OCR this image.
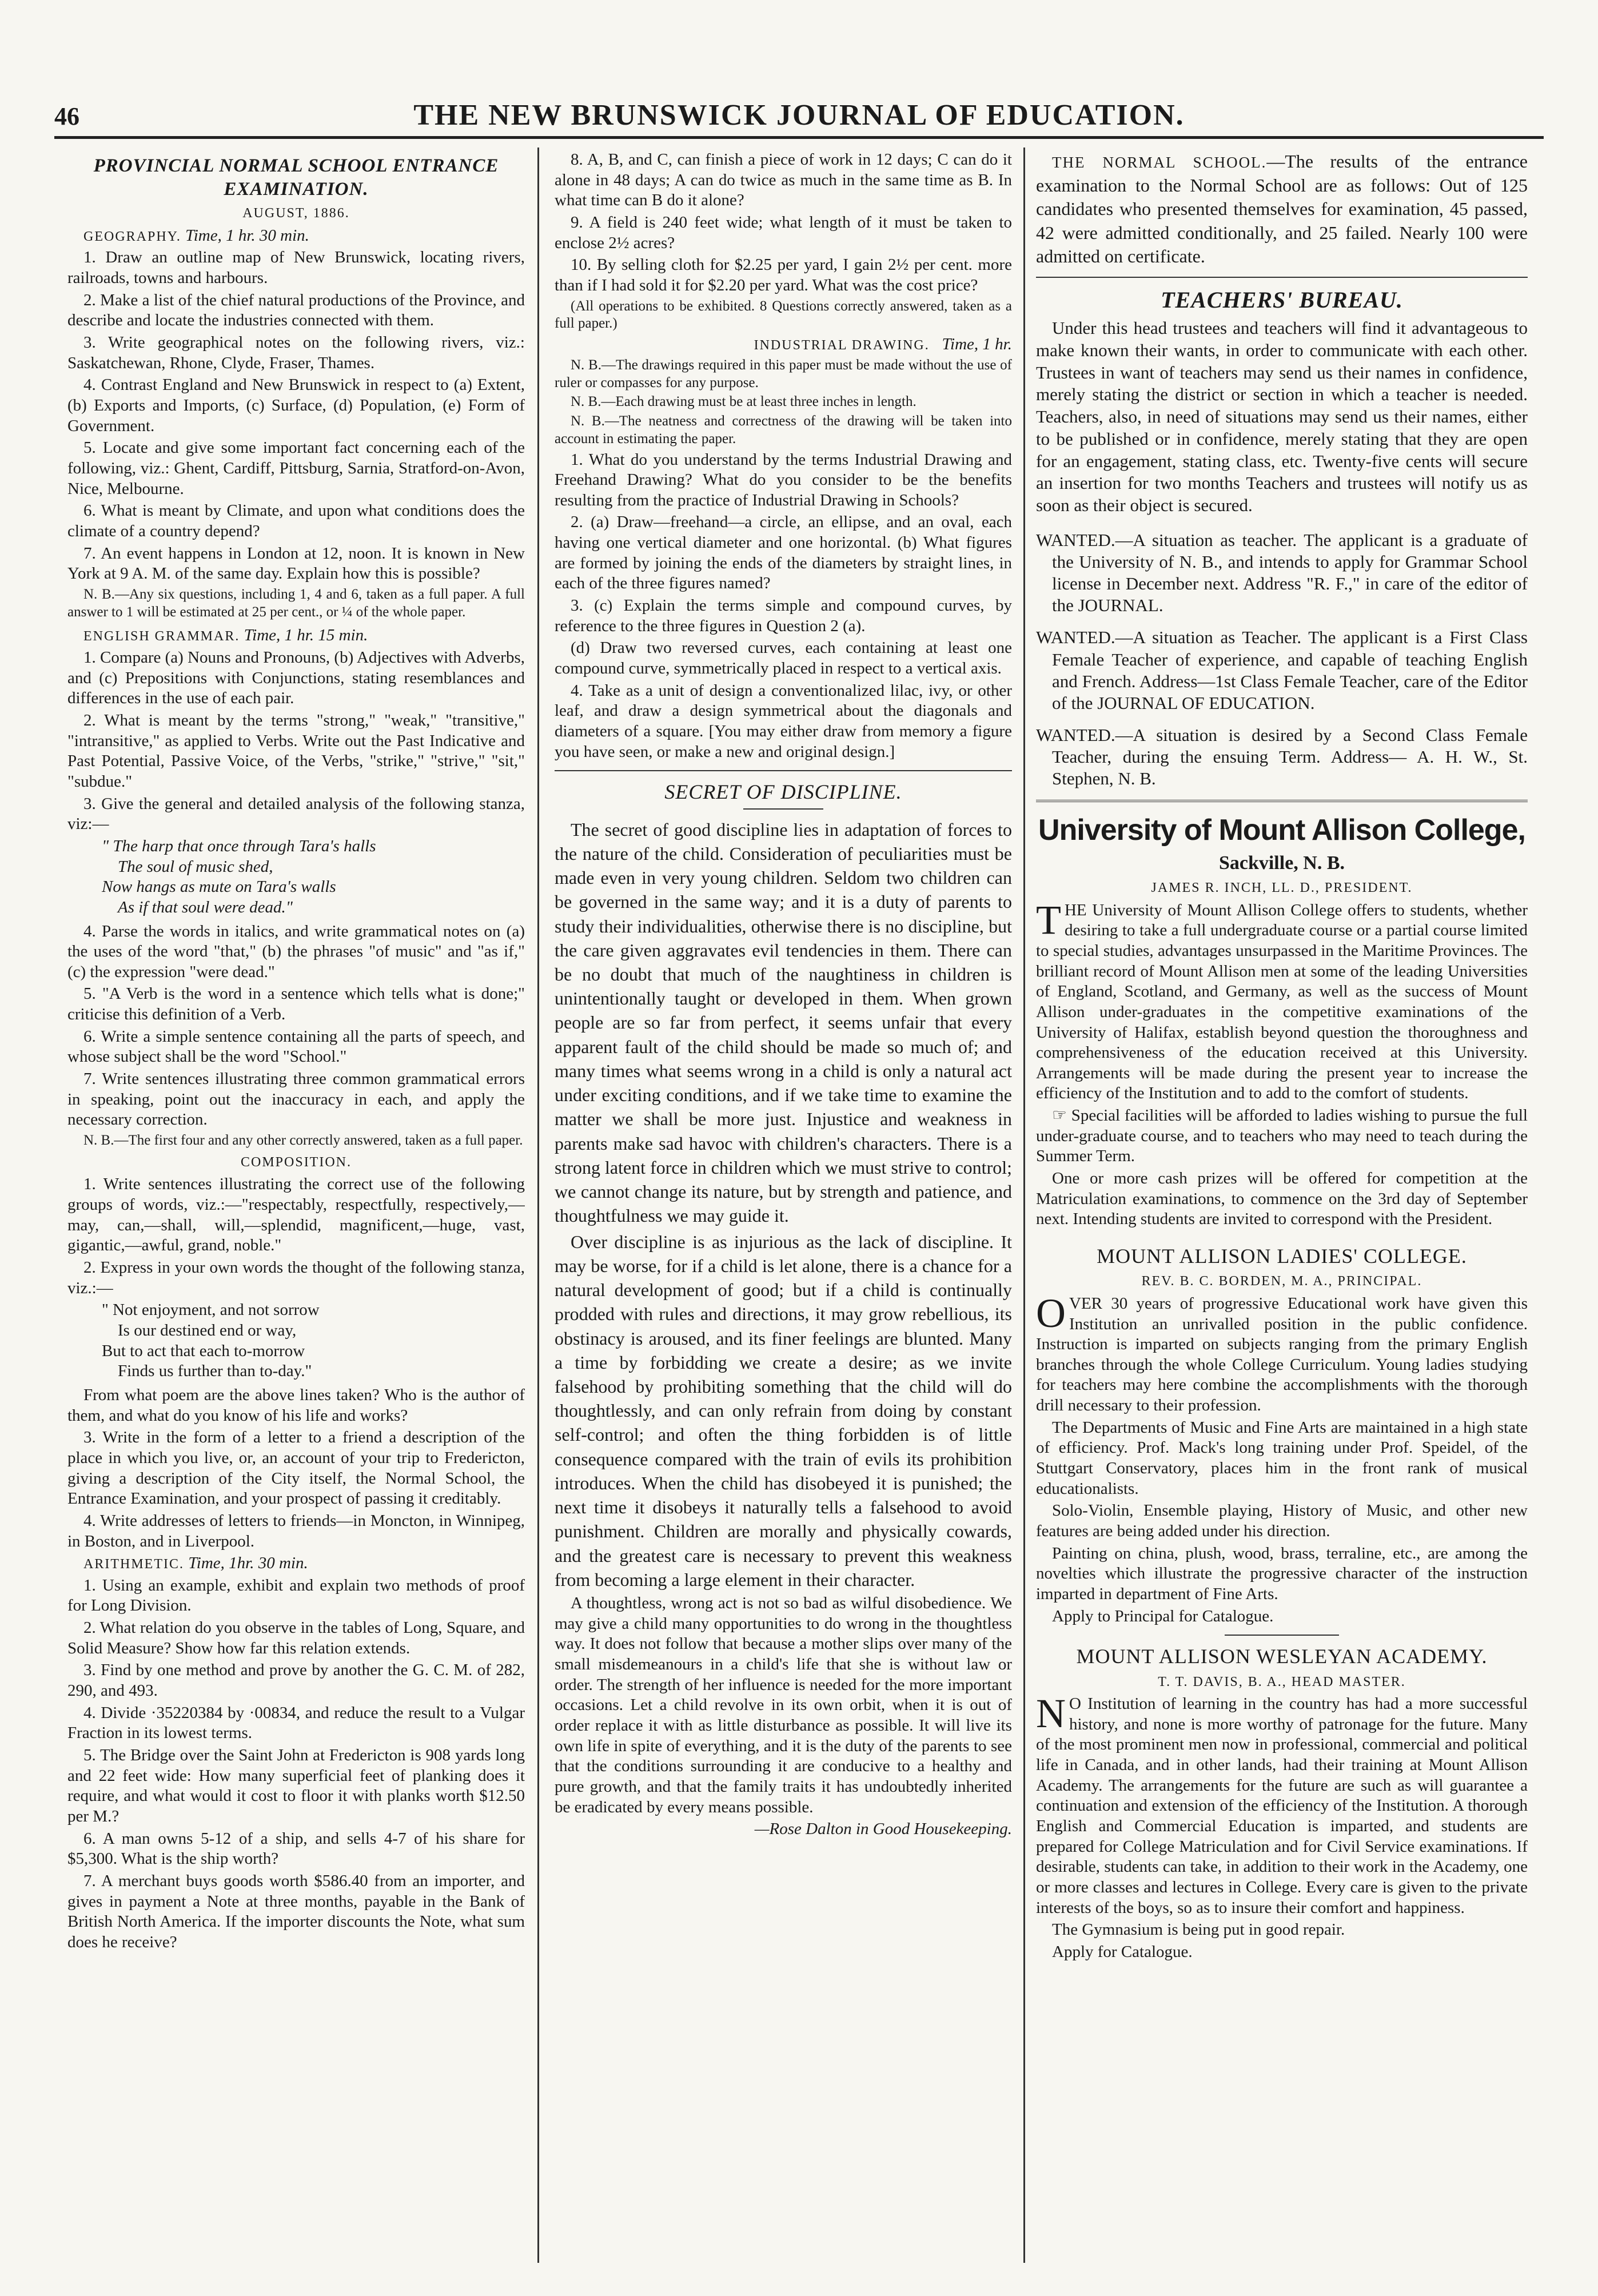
46	THE NEW BRUNSWICK JOURNAL OF EDUCATION.
PROVINCIAL NORMAL SCHOOL ENTRANCE EXAMINATION.
AUGUST, 1886.

GEOGRAPHY. Time, 1 hr. 30 min.

1. Draw an outline map of New Brunswick, locating rivers, railroads, towns and harbours.

2. Make a list of the chief natural productions of the Province, and describe and locate the industries connected with them.

3. Write geographical notes on the following rivers, viz.: Saskatchewan, Rhone, Clyde, Fraser, Thames.

4. Contrast England and New Brunswick in respect to (a) Extent, (b) Exports and Imports, (c) Surface, (d) Population, (e) Form of Government.

5. Locate and give some important fact concerning each of the following, viz.: Ghent, Cardiff, Pittsburg, Sarnia, Stratford-on-Avon, Nice, Melbourne.

6. What is meant by Climate, and upon what conditions does the climate of a country depend?

7. An event happens in London at 12, noon. It is known in New York at 9 A. M. of the same day. Explain how this is possible?

N. B.—Any six questions, including 1, 4 and 6, taken as a full paper. A full answer to 1 will be estimated at 25 per cent., or ¼ of the whole paper.

ENGLISH GRAMMAR. Time, 1 hr. 15 min.

1. Compare (a) Nouns and Pronouns, (b) Adjectives with Adverbs, and (c) Prepositions with Conjunctions, stating resemblances and differences in the use of each pair.

2. What is meant by the terms "strong," "weak," "transitive," "intransitive," as applied to Verbs. Write out the Past Indicative and Past Potential, Passive Voice, of the Verbs, "strike," "strive," "sit," "subdue."

3. Give the general and detailed analysis of the following stanza, viz:—

" The harp that once through Tara's halls
The soul of music shed,
Now hangs as mute on Tara's walls
As if that soul were dead."

4. Parse the words in italics, and write grammatical notes on (a) the uses of the word "that," (b) the phrases "of music" and "as if," (c) the expression "were dead."

5. "A Verb is the word in a sentence which tells what is done;" criticise this definition of a Verb.

6. Write a simple sentence containing all the parts of speech, and whose subject shall be the word "School."

7. Write sentences illustrating three common grammatical errors in speaking, point out the inaccuracy in each, and apply the necessary correction.

N. B.—The first four and any other correctly answered, taken as a full paper.

COMPOSITION.

1. Write sentences illustrating the correct use of the following groups of words, viz.:—"respectably, respectfully, respectively,—may, can,—shall, will,—splendid, magnificent,—huge, vast, gigantic,—awful, grand, noble."

2. Express in your own words the thought of the following stanza, viz.:—

" Not enjoyment, and not sorrow
Is our destined end or way,
But to act that each to-morrow
Finds us further than to-day."

From what poem are the above lines taken? Who is the author of them, and what do you know of his life and works?

3. Write in the form of a letter to a friend a description of the place in which you live, or, an account of your trip to Fredericton, giving a description of the City itself, the Normal School, the Entrance Examination, and your prospect of passing it creditably.

4. Write addresses of letters to friends—in Moncton, in Winnipeg, in Boston, and in Liverpool.

ARITHMETIC. Time, 1hr. 30 min.

1. Using an example, exhibit and explain two methods of proof for Long Division.

2. What relation do you observe in the tables of Long, Square, and Solid Measure? Show how far this relation extends.

3. Find by one method and prove by another the G. C. M. of 282, 290, and 493.

4. Divide ·35220384 by ·00834, and reduce the result to a Vulgar Fraction in its lowest terms.

5. The Bridge over the Saint John at Fredericton is 908 yards long and 22 feet wide: How many superficial feet of planking does it require, and what would it cost to floor it with planks worth $12.50 per M.?

6. A man owns 5-12 of a ship, and sells 4-7 of his share for $5,300. What is the ship worth?

7. A merchant buys goods worth $586.40 from an importer, and gives in payment a Note at three months, payable in the Bank of British North America. If the importer discounts the Note, what sum does he receive?

8. A, B, and C, can finish a piece of work in 12 days; C can do it alone in 48 days; A can do twice as much in the same time as B. In what time can B do it alone?

9. A field is 240 feet wide; what length of it must be taken to enclose 2½ acres?

10. By selling cloth for $2.25 per yard, I gain 2½ per cent. more than if I had sold it for $2.20 per yard. What was the cost price?

(All operations to be exhibited. 8 Questions correctly answered, taken as a full paper.)

INDUSTRIAL DRAWING. Time, 1 hr.

N. B.—The drawings required in this paper must be made without the use of ruler or compasses for any purpose.

N. B.—Each drawing must be at least three inches in length.

N. B.—The neatness and correctness of the drawing will be taken into account in estimating the paper.

1. What do you understand by the terms Industrial Drawing and Freehand Drawing? What do you consider to be the benefits resulting from the practice of Industrial Drawing in Schools?

2. (a) Draw—freehand—a circle, an ellipse, and an oval, each having one vertical diameter and one horizontal. (b) What figures are formed by joining the ends of the diameters by straight lines, in each of the three figures named?

3. (c) Explain the terms simple and compound curves, by reference to the three figures in Question 2 (a).

(d) Draw two reversed curves, each containing at least one compound curve, symmetrically placed in respect to a vertical axis.

4. Take as a unit of design a conventionalized lilac, ivy, or other leaf, and draw a design symmetrical about the diagonals and diameters of a square. [You may either draw from memory a figure you have seen, or make a new and original design.]

SECRET OF DISCIPLINE.

The secret of good discipline lies in adaptation of forces to the nature of the child. Consideration of peculiarities must be made even in very young children. Seldom two children can be governed in the same way; and it is a duty of parents to study their individualities, otherwise there is no discipline, but the care given aggravates evil tendencies in them. There can be no doubt that much of the naughtiness in children is unintentionally taught or developed in them. When grown people are so far from perfect, it seems unfair that every apparent fault of the child should be made so much of; and many times what seems wrong in a child is only a natural act under exciting conditions, and if we take time to examine the matter we shall be more just. Injustice and weakness in parents make sad havoc with children's characters. There is a strong latent force in children which we must strive to control; we cannot change its nature, but by strength and patience, and thoughtfulness we may guide it.

Over discipline is as injurious as the lack of discipline. It may be worse, for if a child is let alone, there is a chance for a natural development of good; but if a child is continually prodded with rules and directions, it may grow rebellious, its obstinacy is aroused, and its finer feelings are blunted. Many a time by forbidding we create a desire; as we invite falsehood by prohibiting something that the child will do thoughtlessly, and can only refrain from doing by constant self-control; and often the thing forbidden is of little consequence compared with the train of evils its prohibition introduces. When the child has disobeyed it is punished; the next time it disobeys it naturally tells a falsehood to avoid punishment. Children are morally and physically cowards, and the greatest care is necessary to prevent this weakness from becoming a large element in their character.

A thoughtless, wrong act is not so bad as wilful disobedience. We may give a child many opportunities to do wrong in the thoughtless way. It does not follow that because a mother slips over many of the small misdemeanours in a child's life that she is without law or order. The strength of her influence is needed for the more important occasions. Let a child revolve in its own orbit, when it is out of order replace it with as little disturbance as possible. It will live its own life in spite of everything, and it is the duty of the parents to see that the conditions surrounding it are conducive to a healthy and pure growth, and that the family traits it has undoubtedly inherited be eradicated by every means possible.

—Rose Dalton in Good Housekeeping.

THE NORMAL SCHOOL.—The results of the entrance examination to the Normal School are as follows: Out of 125 candidates who presented themselves for examination, 45 passed, 42 were admitted conditionally, and 25 failed. Nearly 100 were admitted on certificate.

TEACHERS' BUREAU.

Under this head trustees and teachers will find it advantageous to make known their wants, in order to communicate with each other. Trustees in want of teachers may send us their names in confidence, merely stating the district or section in which a teacher is needed. Teachers, also, in need of situations may send us their names, either to be published or in confidence, merely stating that they are open for an engagement, stating class, etc. Twenty-five cents will secure an insertion for two months Teachers and trustees will notify us as soon as their object is secured.

WANTED.—A situation as teacher. The applicant is a graduate of the University of N. B., and intends to apply for Grammar School license in December next. Address "R. F.," in care of the editor of the JOURNAL.

WANTED.—A situation as Teacher. The applicant is a First Class Female Teacher of experience, and capable of teaching English and French. Address—1st Class Female Teacher, care of the Editor of the JOURNAL OF EDUCATION.

WANTED.—A situation is desired by a Second Class Female Teacher, during the ensuing Term. Address— A. H. W., St. Stephen, N. B.

University of Mount Allison College,
Sackville, N. B.
JAMES R. INCH, LL. D., PRESIDENT.

THE University of Mount Allison College offers to students, whether desiring to take a full undergraduate course or a partial course limited to special studies, advantages unsurpassed in the Maritime Provinces. The brilliant record of Mount Allison men at some of the leading Universities of England, Scotland, and Germany, as well as the success of Mount Allison under-graduates in the competitive examinations of the University of Halifax, establish beyond question the thoroughness and comprehensiveness of the education received at this University. Arrangements will be made during the present year to increase the efficiency of the Institution and to add to the comfort of students.

☞ Special facilities will be afforded to ladies wishing to pursue the full under-graduate course, and to teachers who may need to teach during the Summer Term.

One or more cash prizes will be offered for competition at the Matriculation examinations, to commence on the 3rd day of September next. Intending students are invited to correspond with the President.

MOUNT ALLISON LADIES' COLLEGE.
REV. B. C. BORDEN, M. A., PRINCIPAL.

OVER 30 years of progressive Educational work have given this Institution an unrivalled position in the public confidence. Instruction is imparted on subjects ranging from the primary English branches through the whole College Curriculum. Young ladies studying for teachers may here combine the accomplishments with the thorough drill necessary to their profession.

The Departments of Music and Fine Arts are maintained in a high state of efficiency. Prof. Mack's long training under Prof. Speidel, of the Stuttgart Conservatory, places him in the front rank of musical educationalists.

Solo-Violin, Ensemble playing, History of Music, and other new features are being added under his direction.

Painting on china, plush, wood, brass, terraline, etc., are among the novelties which illustrate the progressive character of the instruction imparted in department of Fine Arts.

Apply to Principal for Catalogue.

MOUNT ALLISON WESLEYAN ACADEMY.
T. T. DAVIS, B. A., HEAD MASTER.

N O Institution of learning in the country has had a more successful history, and none is more worthy of patronage for the future. Many of the most prominent men now in professional, commercial and political life in Canada, and in other lands, had their training at Mount Allison Academy. The arrangements for the future are such as will guarantee a continuation and extension of the efficiency of the Institution. A thorough English and Commercial Education is imparted, and students are prepared for College Matriculation and for Civil Service examinations. If desirable, students can take, in addition to their work in the Academy, one or more classes and lectures in College. Every care is given to the private interests of the boys, so as to insure their comfort and happiness.

The Gymnasium is being put in good repair.

Apply for Catalogue.
